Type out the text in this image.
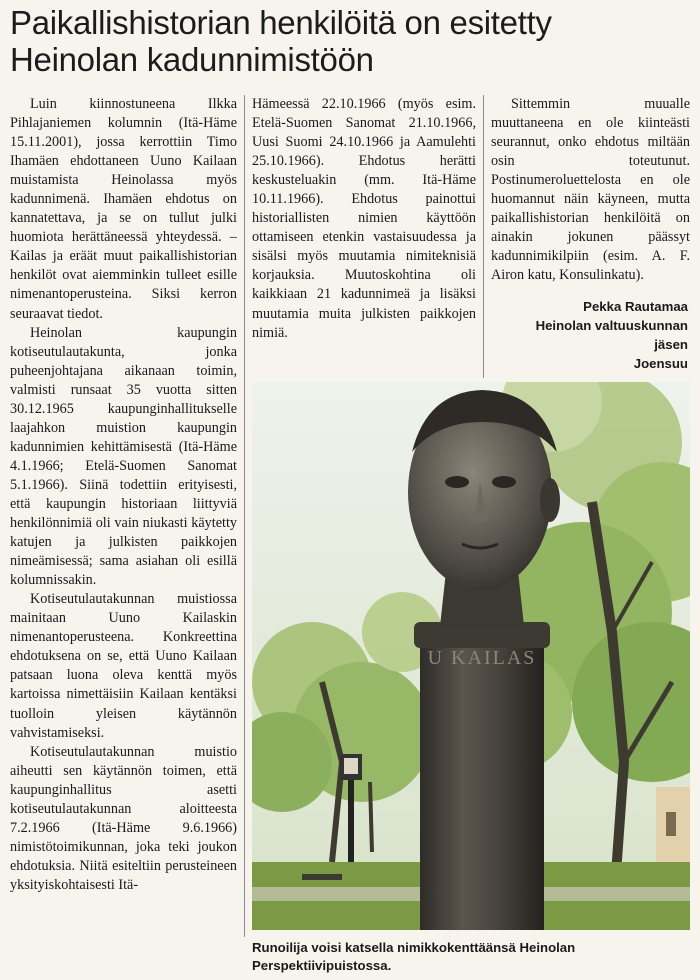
Paikallishistorian henkilöitä on esitetty
Heinolan kadunnimistöön

Luin kiinnostuneena Ilkka Pihlajaniemen kolumnin (Itä-Häme 15.11.2001), jossa kerrottiin Timo Ihamäen ehdottaneen Uuno Kailaan muistamista Heinolassa myös kadunnimenä. Ihamäen ehdotus on kannatettava, ja se on tullut julki huomiota herättäneessä yhteydessä. – Kailas ja eräät muut paikallishistorian henkilöt ovat aiemminkin tulleet esille nimenantoperusteina. Siksi kerron seuraavat tiedot.

Heinolan kaupungin kotiseutulautakunta, jonka puheenjohtajana aikanaan toimin, valmisti runsaat 35 vuotta sitten 30.12.1965 kaupunginhallitukselle laajahkon muistion kaupungin kadunnimien kehittämisestä (Itä-Häme 4.1.1966; Etelä-Suomen Sanomat 5.1.1966). Siinä todettiin erityisesti, että kaupungin historiaan liittyviä henkilönnimiä oli vain niukasti käytetty katujen ja julkisten paikkojen nimeämisessä; sama asiahan oli esillä kolumnissakin.

Kotiseutulautakunnan muistiossa mainitaan Uuno Kailaskin nimenantoperusteena. Konkreettina ehdotuksena on se, että Uuno Kailaan patsaan luona oleva kenttä myös kartoissa nimettäisiin Kailaan kentäksi tuolloin yleisen käytännön vahvistamiseksi.

Kotiseutulautakunnan muistio aiheutti sen käytännön toimen, että kaupunginhallitus asetti kotiseutulautakunnan aloitteesta 7.2.1966 (Itä-Häme 9.6.1966) nimistötoimikunnan, joka teki joukon ehdotuksia. Niitä esiteltiin perusteineen yksityiskohtaisesti Itä-

Hämeessä 22.10.1966 (myös esim. Etelä-Suomen Sanomat 21.10.1966, Uusi Suomi 24.10.1966 ja Aamulehti 25.10.1966). Ehdotus herätti keskusteluakin (mm. Itä-Häme 10.11.1966). Ehdotus painottui historiallisten nimien käyttöön ottamiseen etenkin vastaisuudessa ja sisälsi myös muutamia nimiteknisiä korjauksia. Muutoskohtina oli kaikkiaan 21 kadunnimeä ja lisäksi muutamia muita julkisten paikkojen nimiä.

Sittemmin muualle muuttaneena en ole kiinteästi seurannut, onko ehdotus miltään osin toteutunut. Postinumeroluettelosta en ole huomannut näin käyneen, mutta paikallishistorian henkilöitä on ainakin jokunen päässyt kadunnimikilpiin (esim. A. F. Airon katu, Konsulinkatu).

Pekka Rautamaa
Heinolan valtuuskunnan
jäsen
Joensuu
U KAILAS
Runoilija voisi katsella nimikkokenttäänsä Heinolan Perspektiivipuistossa.
